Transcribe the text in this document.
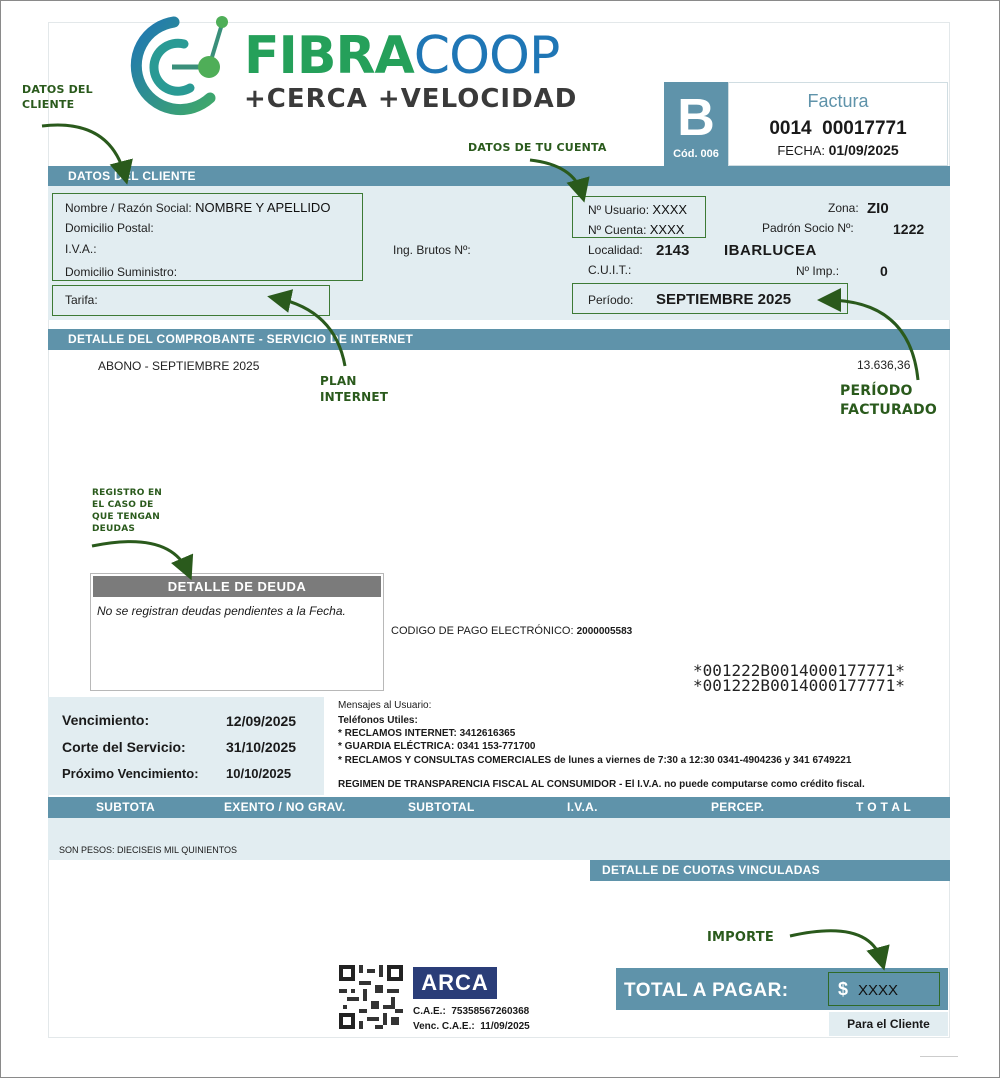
FIBRACOOP
+CERCA +VELOCIDAD B
Cód. 006
Factura
0014  00017771
FECHA: 01/09/2025
DATOS DEL CLIENTE
Nombre / Razón Social: NOMBRE Y APELLIDO
Domicilio Postal:
I.V.A.:
Domicilio Suministro:
Tarifa:
Ing. Brutos Nº:
Nº Usuario: XXXX
Nº Cuenta: XXXX
Localidad: 2143 IBARLUCEA
C.U.I.T.:
Período: SEPTIEMBRE 2025
Zona: ZI0
Padrón Socio Nº:	1222
Nº Imp.:	0
DETALLE DEL COMPROBANTE - SERVICIO DE INTERNET
ABONO - SEPTIEMBRE 2025	13.636,36
DETALLE DE DEUDA
No se registran deudas pendientes a la Fecha.
CODIGO DE PAGO ELECTRÓNICO: 2000005583
*001222B0014000177771*
*001222B0014000177771*
Vencimiento:	12/09/2025
Corte del Servicio:	31/10/2025
Próximo Vencimiento: 10/10/2025
Mensajes al Usuario:
Teléfonos Utiles:
* RECLAMOS INTERNET: 3412616365
* GUARDIA ELÉCTRICA: 0341 153-771700
* RECLAMOS Y CONSULTAS COMERCIALES de lunes a viernes de 7:30 a 12:30 0341-4904236 y 341 6749221
REGIMEN DE TRANSPARENCIA FISCAL AL CONSUMIDOR - El I.V.A. no puede computarse como crédito fiscal.
SUBTOTA	EXENTO / NO GRAV.	SUBTOTAL	I.V.A.	PERCEP.	T O T A L
SON PESOS: DIECISEIS MIL QUINIENTOS
DETALLE DE CUOTAS VINCULADAS
ARCA
C.A.E.: 75358567260368
Venc. C.A.E.: 11/09/2025
TOTAL A PAGAR:	$ XXXX
Para el Cliente
DATOS DEL
CLIENTE
DATOS DE TU CUENTA
PLAN
INTERNET	PERÍODO
FACTURADO
REGISTRO EN
EL CASO DE
QUE TENGAN
DEUDAS
IMPORTE
